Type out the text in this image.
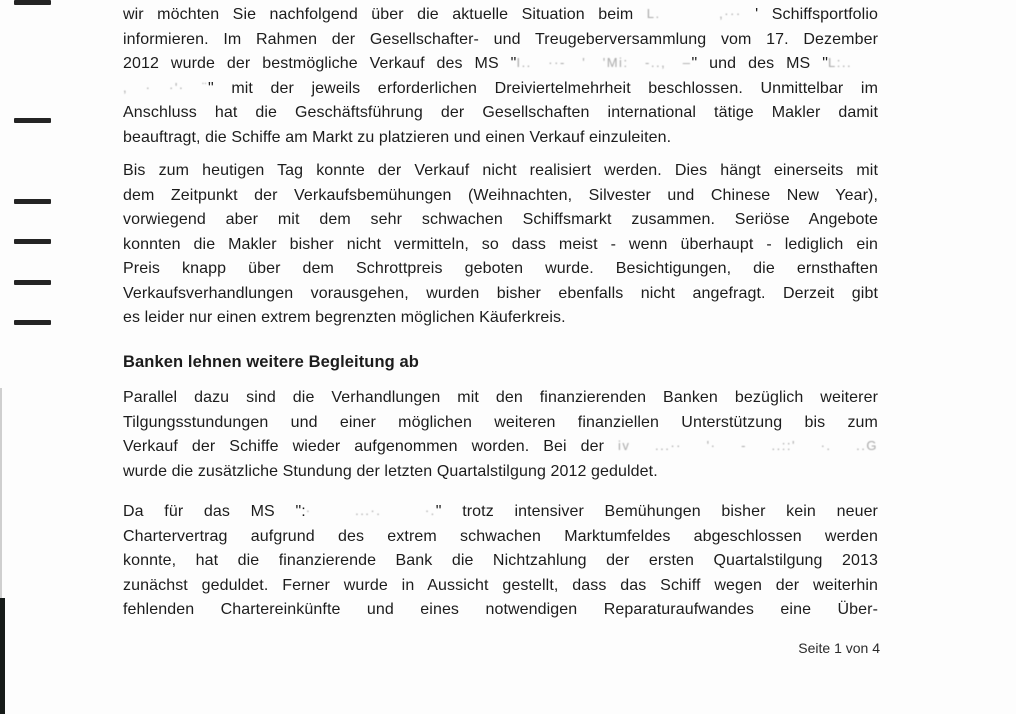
wir möchten Sie nachfolgend über die aktuelle Situation beim L. ,··· ' Schiffsportfolio
informieren. Im Rahmen der Gesellschafter- und Treugeberversammlung vom 17. Dezember
2012 wurde der bestmögliche Verkauf des MS "I.. ··- ' 'Mi: -.., –" und des MS "L:..
, · ·'· ¨" mit der jeweils erforderlichen Dreiviertelmehrheit beschlossen. Unmittelbar im
Anschluss hat die Geschäftsführung der Gesellschaften international tätige Makler damit
beauftragt, die Schiffe am Markt zu platzieren und einen Verkauf einzuleiten.
Bis zum heutigen Tag konnte der Verkauf nicht realisiert werden. Dies hängt einerseits mit
dem Zeitpunkt der Verkaufsbemühungen (Weihnachten, Silvester und Chinese New Year),
vorwiegend aber mit dem sehr schwachen Schiffsmarkt zusammen. Seriöse Angebote
konnten die Makler bisher nicht vermitteln, so dass meist - wenn überhaupt - lediglich ein
Preis knapp über dem Schrottpreis geboten wurde. Besichtigungen, die ernsthaften
Verkaufsverhandlungen vorausgehen, wurden bisher ebenfalls nicht angefragt. Derzeit gibt
es leider nur einen extrem begrenzten möglichen Käuferkreis.
Banken lehnen weitere Begleitung ab
Parallel dazu sind die Verhandlungen mit den finanzierenden Banken bezüglich weiterer
Tilgungsstundungen und einer möglichen weiteren finanziellen Unterstützung bis zum
Verkauf der Schiffe wieder aufgenommen worden. Bei der iv ...·· '· - ..::' ·. ..G
wurde die zusätzliche Stundung der letzten Quartalstilgung 2012 geduldet.
Da für das MS ":· ...·. ·." trotz intensiver Bemühungen bisher kein neuer
Chartervertrag aufgrund des extrem schwachen Marktumfeldes abgeschlossen werden
konnte, hat die finanzierende Bank die Nichtzahlung der ersten Quartalstilgung 2013
zunächst geduldet. Ferner wurde in Aussicht gestellt, dass das Schiff wegen der weiterhin
fehlenden Chartereinkünfte und eines notwendigen Reparaturaufwandes eine Über-
Seite 1 von 4
